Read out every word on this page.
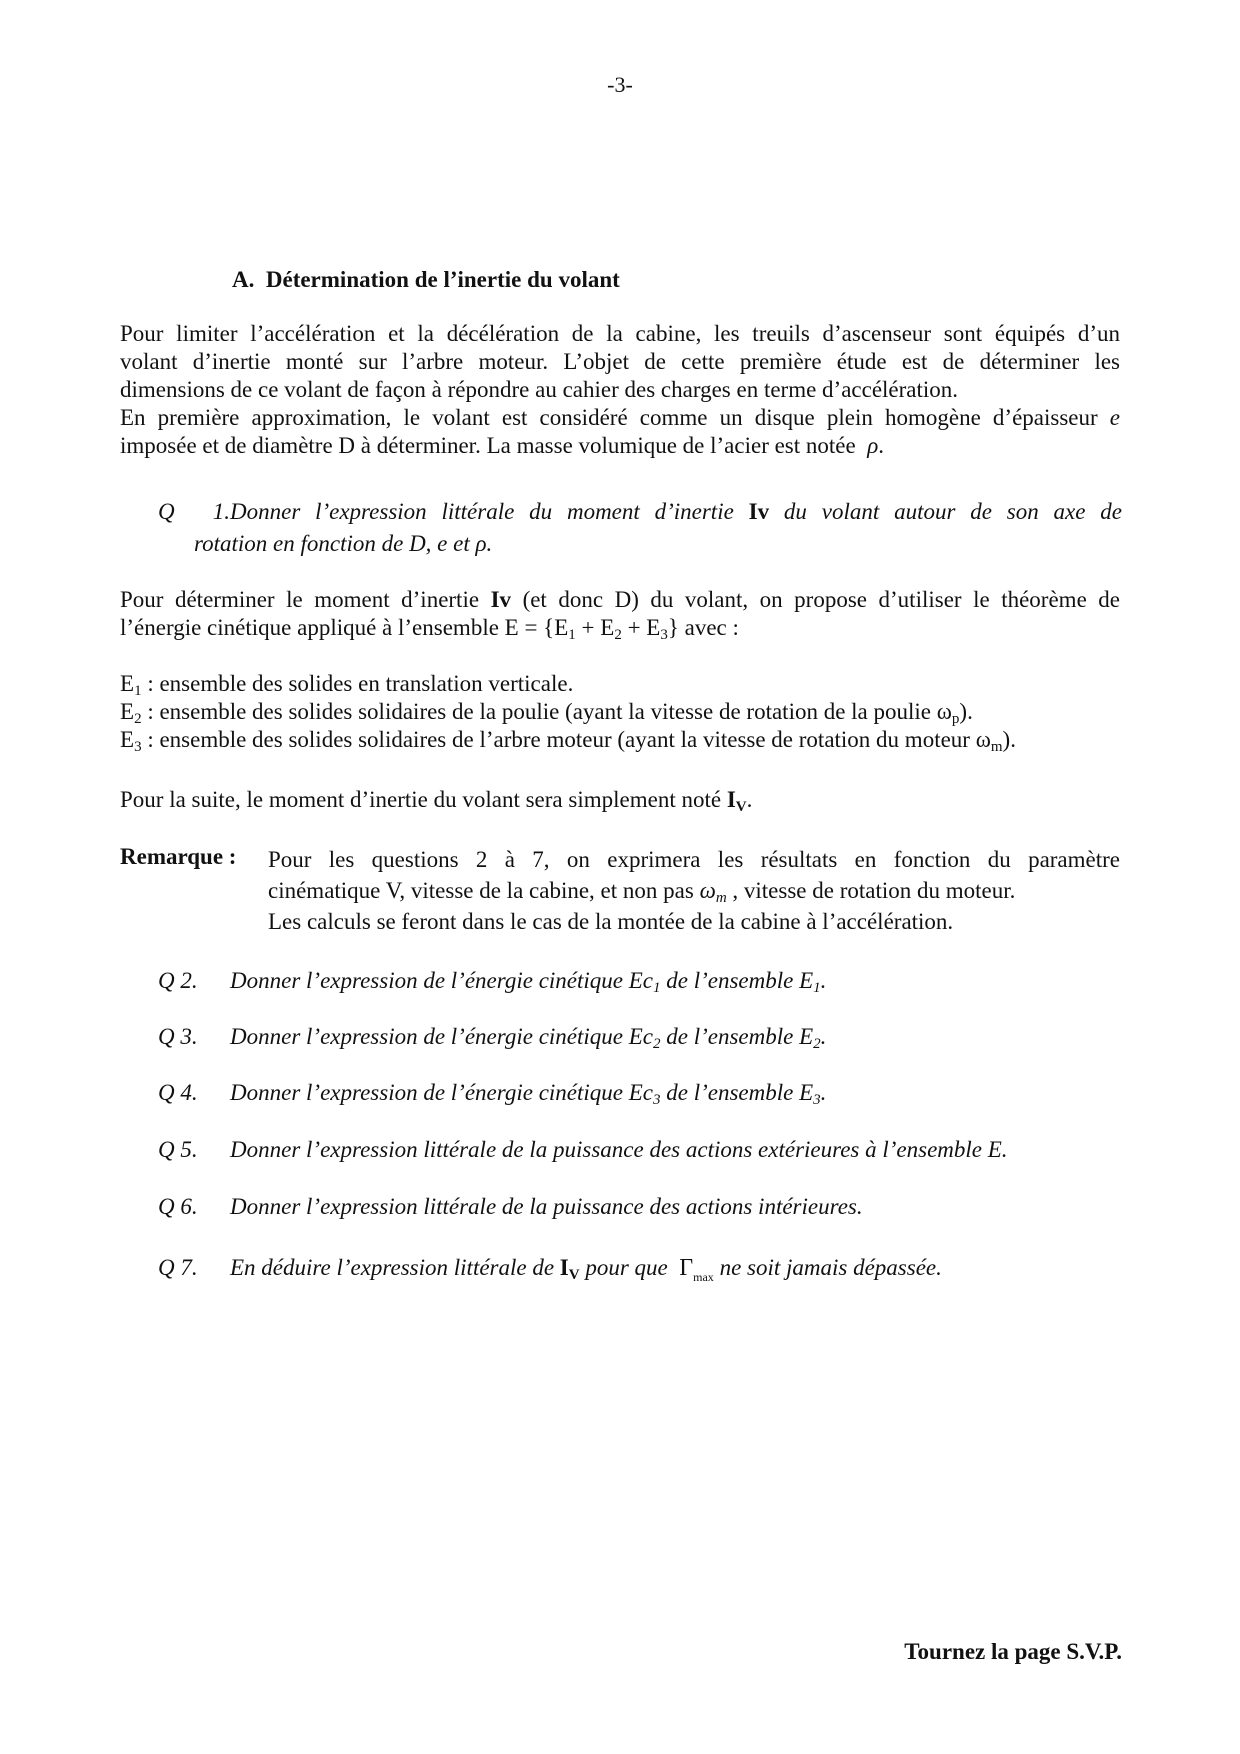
-3-
A. Détermination de l’inertie du volant
Pour limiter l’accélération et la décélération de la cabine, les treuils d’ascenseur sont équipés d’un
volant d’inertie monté sur l’arbre moteur. L’objet de cette première étude est de déterminer les
dimensions de ce volant de façon à répondre au cahier des charges en terme d’accélération.
En première approximation, le volant est considéré comme un disque plein homogène d’épaisseur e
imposée et de diamètre D à déterminer. La masse volumique de l’acier est notée ρ.
Q 1.Donner l’expression littérale du moment d’inertie Iv du volant autour de son axe de
rotation en fonction de D, e et ρ.
Pour déterminer le moment d’inertie Iv (et donc D) du volant, on propose d’utiliser le théorème de
l’énergie cinétique appliqué à l’ensemble $E = \{E_1 + E_2 + E_3\}$ avec :
$E_1$ : ensemble des solides en translation verticale.
$E_2$ : ensemble des solides solidaires de la poulie (ayant la vitesse de rotation de la poulie $\omega_p$).
$E_3$ : ensemble des solides solidaires de l’arbre moteur (ayant la vitesse de rotation du moteur $\omega_m$).
Pour la suite, le moment d’inertie du volant sera simplement noté $I_V$.
Remarque : Pour les questions 2 à 7, on exprimera les résultats en fonction du paramètre
cinématique V, vitesse de la cabine, et non pas $\omega_m$ , vitesse de rotation du moteur.
Les calculs se feront dans le cas de la montée de la cabine à l’accélération.
Q 2. Donner l’expression de l’énergie cinétique $Ec_1$ de l’ensemble $E_1$.
Q 3. Donner l’expression de l’énergie cinétique $Ec_2$ de l’ensemble $E_2$.
Q 4. Donner l’expression de l’énergie cinétique $Ec_3$ de l’ensemble $E_3$.
Q 5. Donner l’expression littérale de la puissance des actions extérieures à l’ensemble E.
Q 6. Donner l’expression littérale de la puissance des actions intérieures.
Q 7. En déduire l’expression littérale de $I_V$ pour que  $\Gamma_{max}$ ne soit jamais dépassée.
Tournez la page S.V.P.
